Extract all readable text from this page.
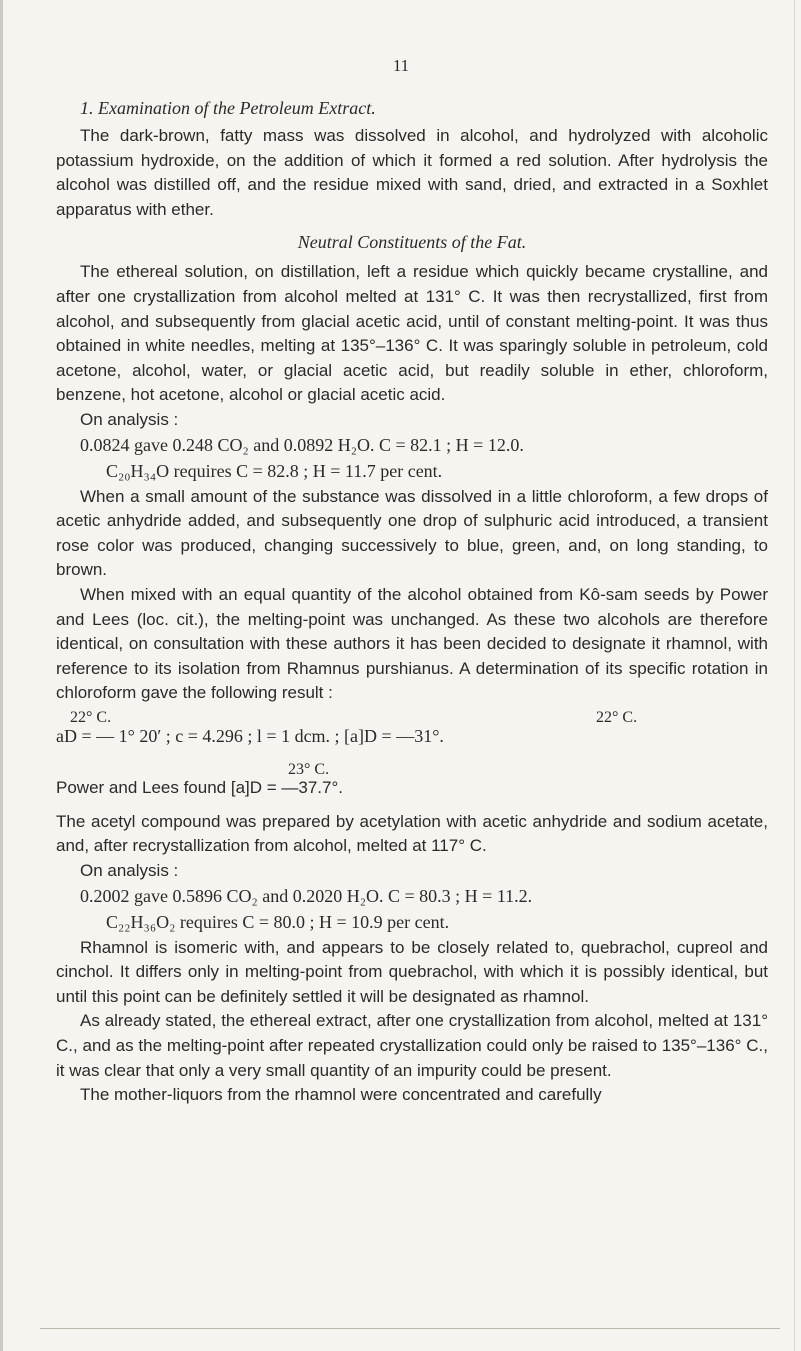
11
1. Examination of the Petroleum Extract.

The dark-brown, fatty mass was dissolved in alcohol, and hydrolyzed with alcoholic potassium hydroxide, on the addition of which it formed a red solution. After hydrolysis the alcohol was distilled off, and the residue mixed with sand, dried, and extracted in a Soxhlet apparatus with ether.

Neutral Constituents of the Fat.

The ethereal solution, on distillation, left a residue which quickly became crystalline, and after one crystallization from alcohol melted at 131° C. It was then recrystallized, first from alcohol, and subsequently from glacial acetic acid, until of constant melting-point. It was thus obtained in white needles, melting at 135°–136° C. It was sparingly soluble in petroleum, cold acetone, alcohol, water, or glacial acetic acid, but readily soluble in ether, chloroform, benzene, hot acetone, alcohol or glacial acetic acid.

On analysis :

0.0824 gave 0.248 CO₂ and 0.0892 H₂O. C = 82.1 ; H = 12.0.
C₂₀H₃₄O requires C = 82.8 ; H = 11.7 per cent.

When a small amount of the substance was dissolved in a little chloroform, a few drops of acetic anhydride added, and subsequently one drop of sulphuric acid introduced, a transient rose color was produced, changing successively to blue, green, and, on long standing, to brown.

When mixed with an equal quantity of the alcohol obtained from Kô-sam seeds by Power and Lees (loc. cit.), the melting-point was unchanged. As these two alcohols are therefore identical, on consultation with these authors it has been decided to designate it rhamnol, with reference to its isolation from Rhamnus purshianus. A determination of its specific rotation in chloroform gave the following result :

22° C.	22° C.
aD = — 1° 20′ ; c = 4.296 ; l = 1 dcm. ; [a]D = —31°.
23° C.
Power and Lees found [a]D = —37.7°.

The acetyl compound was prepared by acetylation with acetic anhydride and sodium acetate, and, after recrystallization from alcohol, melted at 117° C.

On analysis :

0.2002 gave 0.5896 CO₂ and 0.2020 H₂O. C = 80.3 ; H = 11.2.
C₂₂H₃₆O₂ requires C = 80.0 ; H = 10.9 per cent.

Rhamnol is isomeric with, and appears to be closely related to, quebrachol, cupreol and cinchol. It differs only in melting-point from quebrachol, with which it is possibly identical, but until this point can be definitely settled it will be designated as rhamnol.

As already stated, the ethereal extract, after one crystallization from alcohol, melted at 131° C., and as the melting-point after repeated crystallization could only be raised to 135°–136° C., it was clear that only a very small quantity of an impurity could be present.

The mother-liquors from the rhamnol were concentrated and carefully
